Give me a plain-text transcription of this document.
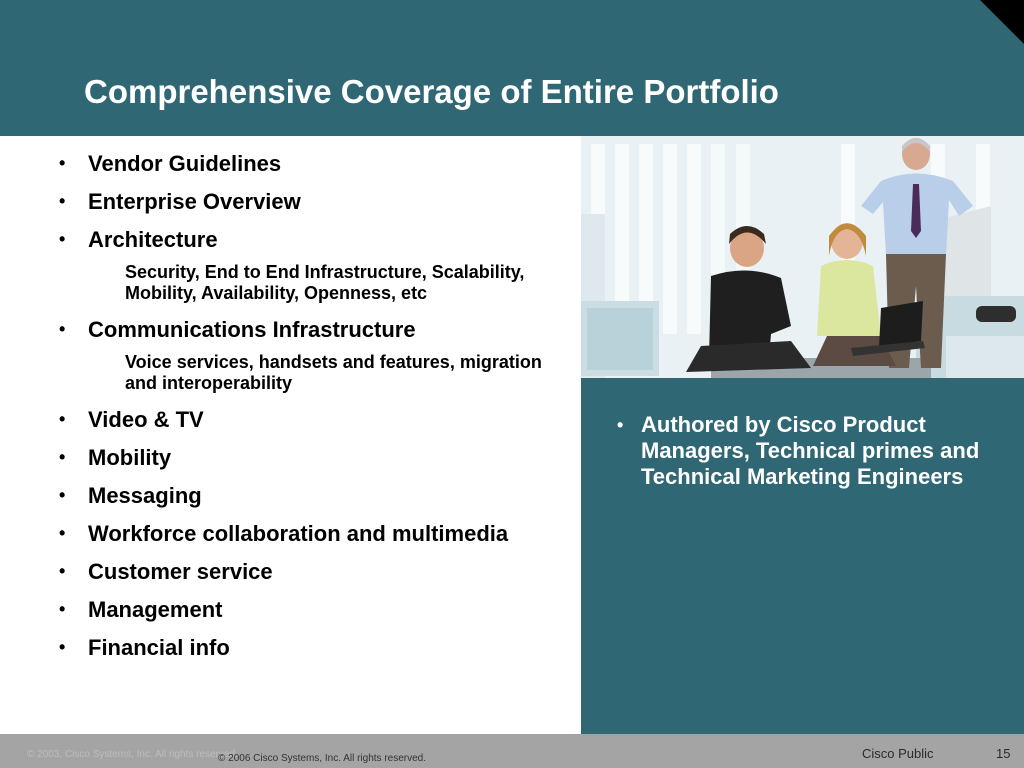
Comprehensive Coverage of Entire Portfolio
• Vendor Guidelines
• Enterprise Overview
• Architecture
Security, End to End Infrastructure, Scalability, Mobility, Availability, Openness, etc
• Communications Infrastructure
Voice services, handsets and features, migration and interoperability
• Video & TV
• Mobility
• Messaging
• Workforce collaboration and multimedia
• Customer service
• Management
• Financial info
• Authored by Cisco Product Managers, Technical primes and Technical Marketing Engineers
© 2003, Cisco Systems, Inc. All rights reserved.
© 2006 Cisco Systems, Inc. All rights reserved.	Cisco Public	15
